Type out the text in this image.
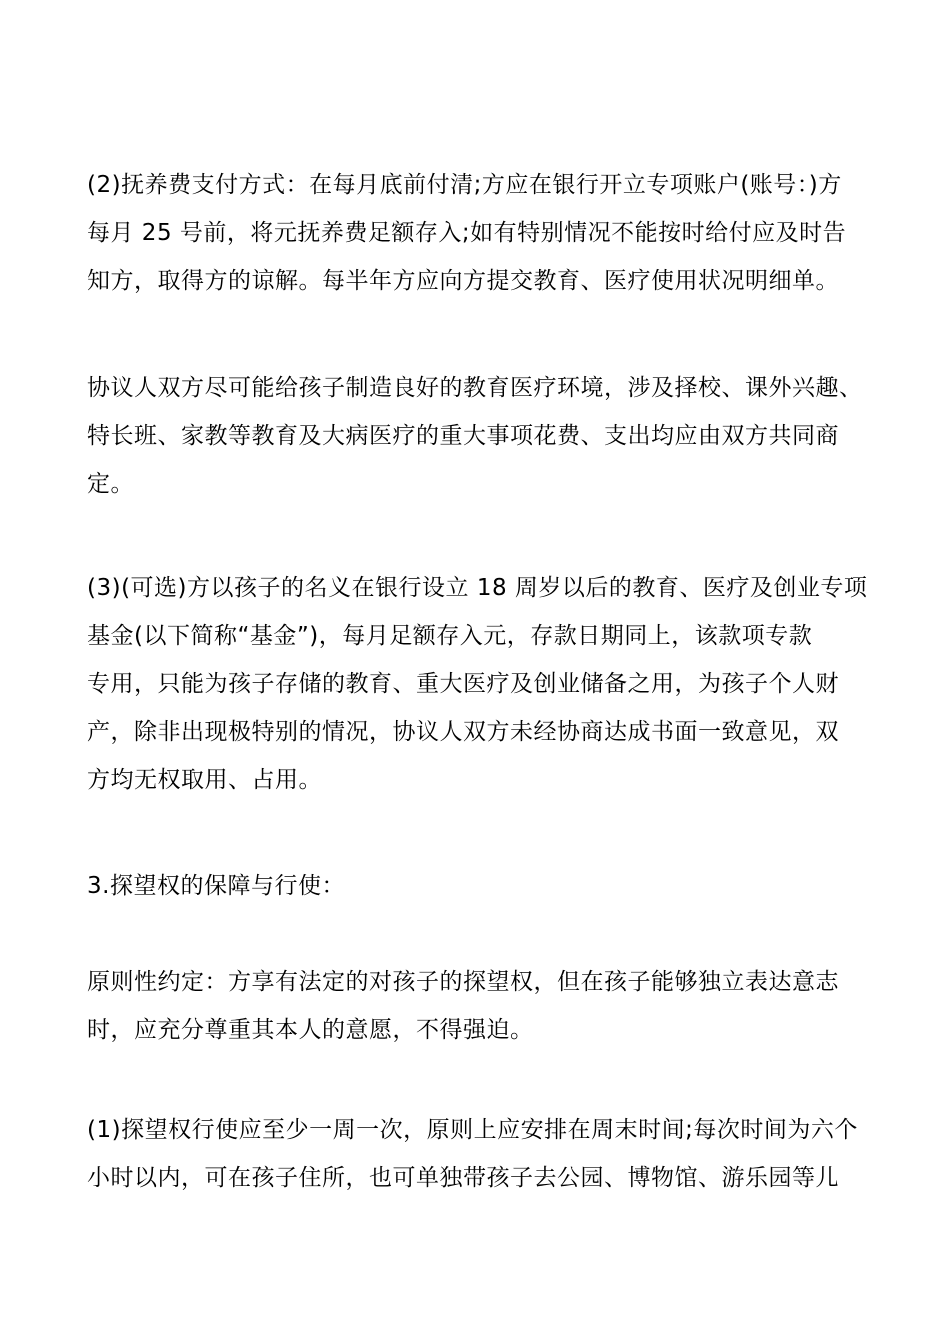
(2)抚养费支付方式：在每月底前付清;方应在银行开立专项账户(账号：)方
每月 25 号前，将元抚养费足额存入;如有特别情况不能按时给付应及时告
知方，取得方的谅解。每半年方应向方提交教育、医疗使用状况明细单。
协议人双方尽可能给孩子制造良好的教育医疗环境，涉及择校、课外兴趣、
特长班、家教等教育及大病医疗的重大事项花费、支出均应由双方共同商
定。
(3)(可选)方以孩子的名义在银行设立 18 周岁以后的教育、医疗及创业专项
基金(以下简称“基金”)，每月足额存入元，存款日期同上，该款项专款
专用，只能为孩子存储的教育、重大医疗及创业储备之用，为孩子个人财
产，除非出现极特别的情况，协议人双方未经协商达成书面一致意见，双
方均无权取用、占用。
3.探望权的保障与行使：
原则性约定：方享有法定的对孩子的探望权，但在孩子能够独立表达意志
时，应充分尊重其本人的意愿，不得强迫。
(1)探望权行使应至少一周一次，原则上应安排在周末时间;每次时间为六个
小时以内，可在孩子住所，也可单独带孩子去公园、博物馆、游乐园等儿
